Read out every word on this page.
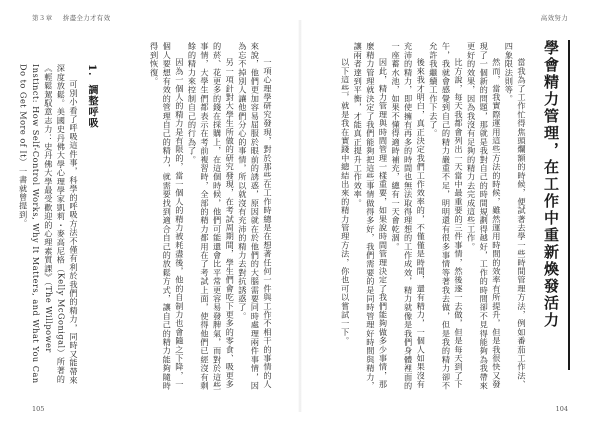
第３章 拚盡全力才有效

一項心理學研究發現，對於那些在工作時總是在想著任何一件與工作不相干的事情的人來說，他們更加容易屈服於眼前的誘惑，原因就在於他們的大腦需要同時處理兩件事情，因為忘不掉別人讓他們分心的事情，所以就沒有充沛的精力去對抗誘惑了。

另一項針對大學生所做的研究發現，在考試周期間，學生們會吃下更多的零食、吸更多的菸、花更多的錢在採購上，在這個時候，他們可能還會比平常更容易發脾氣，而對於這些事情，大學生們都表示在考前複習時，全部的精力都用在了考試上面，使得他們已經沒有剩餘的精力來控制自己的行為了。

因為一個人的精力是有限的，當一個人的精力被耗盡後，他的自制力也會隨之下降，一個人要想有效的管理自己的精力，就需要找到適合自己的放鬆方式，讓自己的精力能夠隨時得到恢復。

1. 調整呼吸

可別小看了呼吸這件事，科學的呼吸方法不僅有利於我們的精力，同時又能帶來深度放鬆。美國史丹佛大學心理學家凱莉・麥高尼格（Kelly McGonigal）所著的《輕鬆駕馭意志力：史丹佛大學最受歡迎的心理素質課》（The Willpower Instinct: How Self-Control Works, Why It Matters, and What You Can Do to Get More of It）一書就曾提到。

105
高效努力
學會精力管理，在工作中重新煥發活力

當我為了工作忙得焦頭爛額的時候，便試著去學一些時間管理方法，例如番茄工作法、四象限法則等。

然而，當我實際運用這些方法的時候，雖然運用時間的效率有所提升，但是我很快又發現了一個新的問題，那就是我對自己的時間規劃得越好，工作的時間卻不見得能夠為我帶來更好的效果，因為我沒有足夠的精力去完成這些工作。

比方說，每天我都會列出一天當中最重要的三件事情，然後逐一去做，但是每天到了下午，我就會感覺到自己的精力嚴重不足，明明還有很多事情等著我去做，但是我的精力卻不允許我繼續工作下去了。

後來我才明白，真正決定我們工作效率的，不僅僅是時間，還有精力，一個人如果沒有充沛的精力，即使擁有再多的時間也無法取得理想的工作成效，精力就像是我們身體裡面的一座蓄水池，如果不懂得適時補充，總有一天會乾涸。

因此，精力管理與時間管理一樣重要，如果說時間管理決定了我們能夠做多少事情，那麼精力管理就決定了我們能夠把這些事情做得多好，我們需要的是同時管理好時間與精力，讓兩者達到平衡，才能真正提升工作效率。

以下這些，就是我在實踐中總結出來的精力管理方法，你也可以嘗試一下。

104
